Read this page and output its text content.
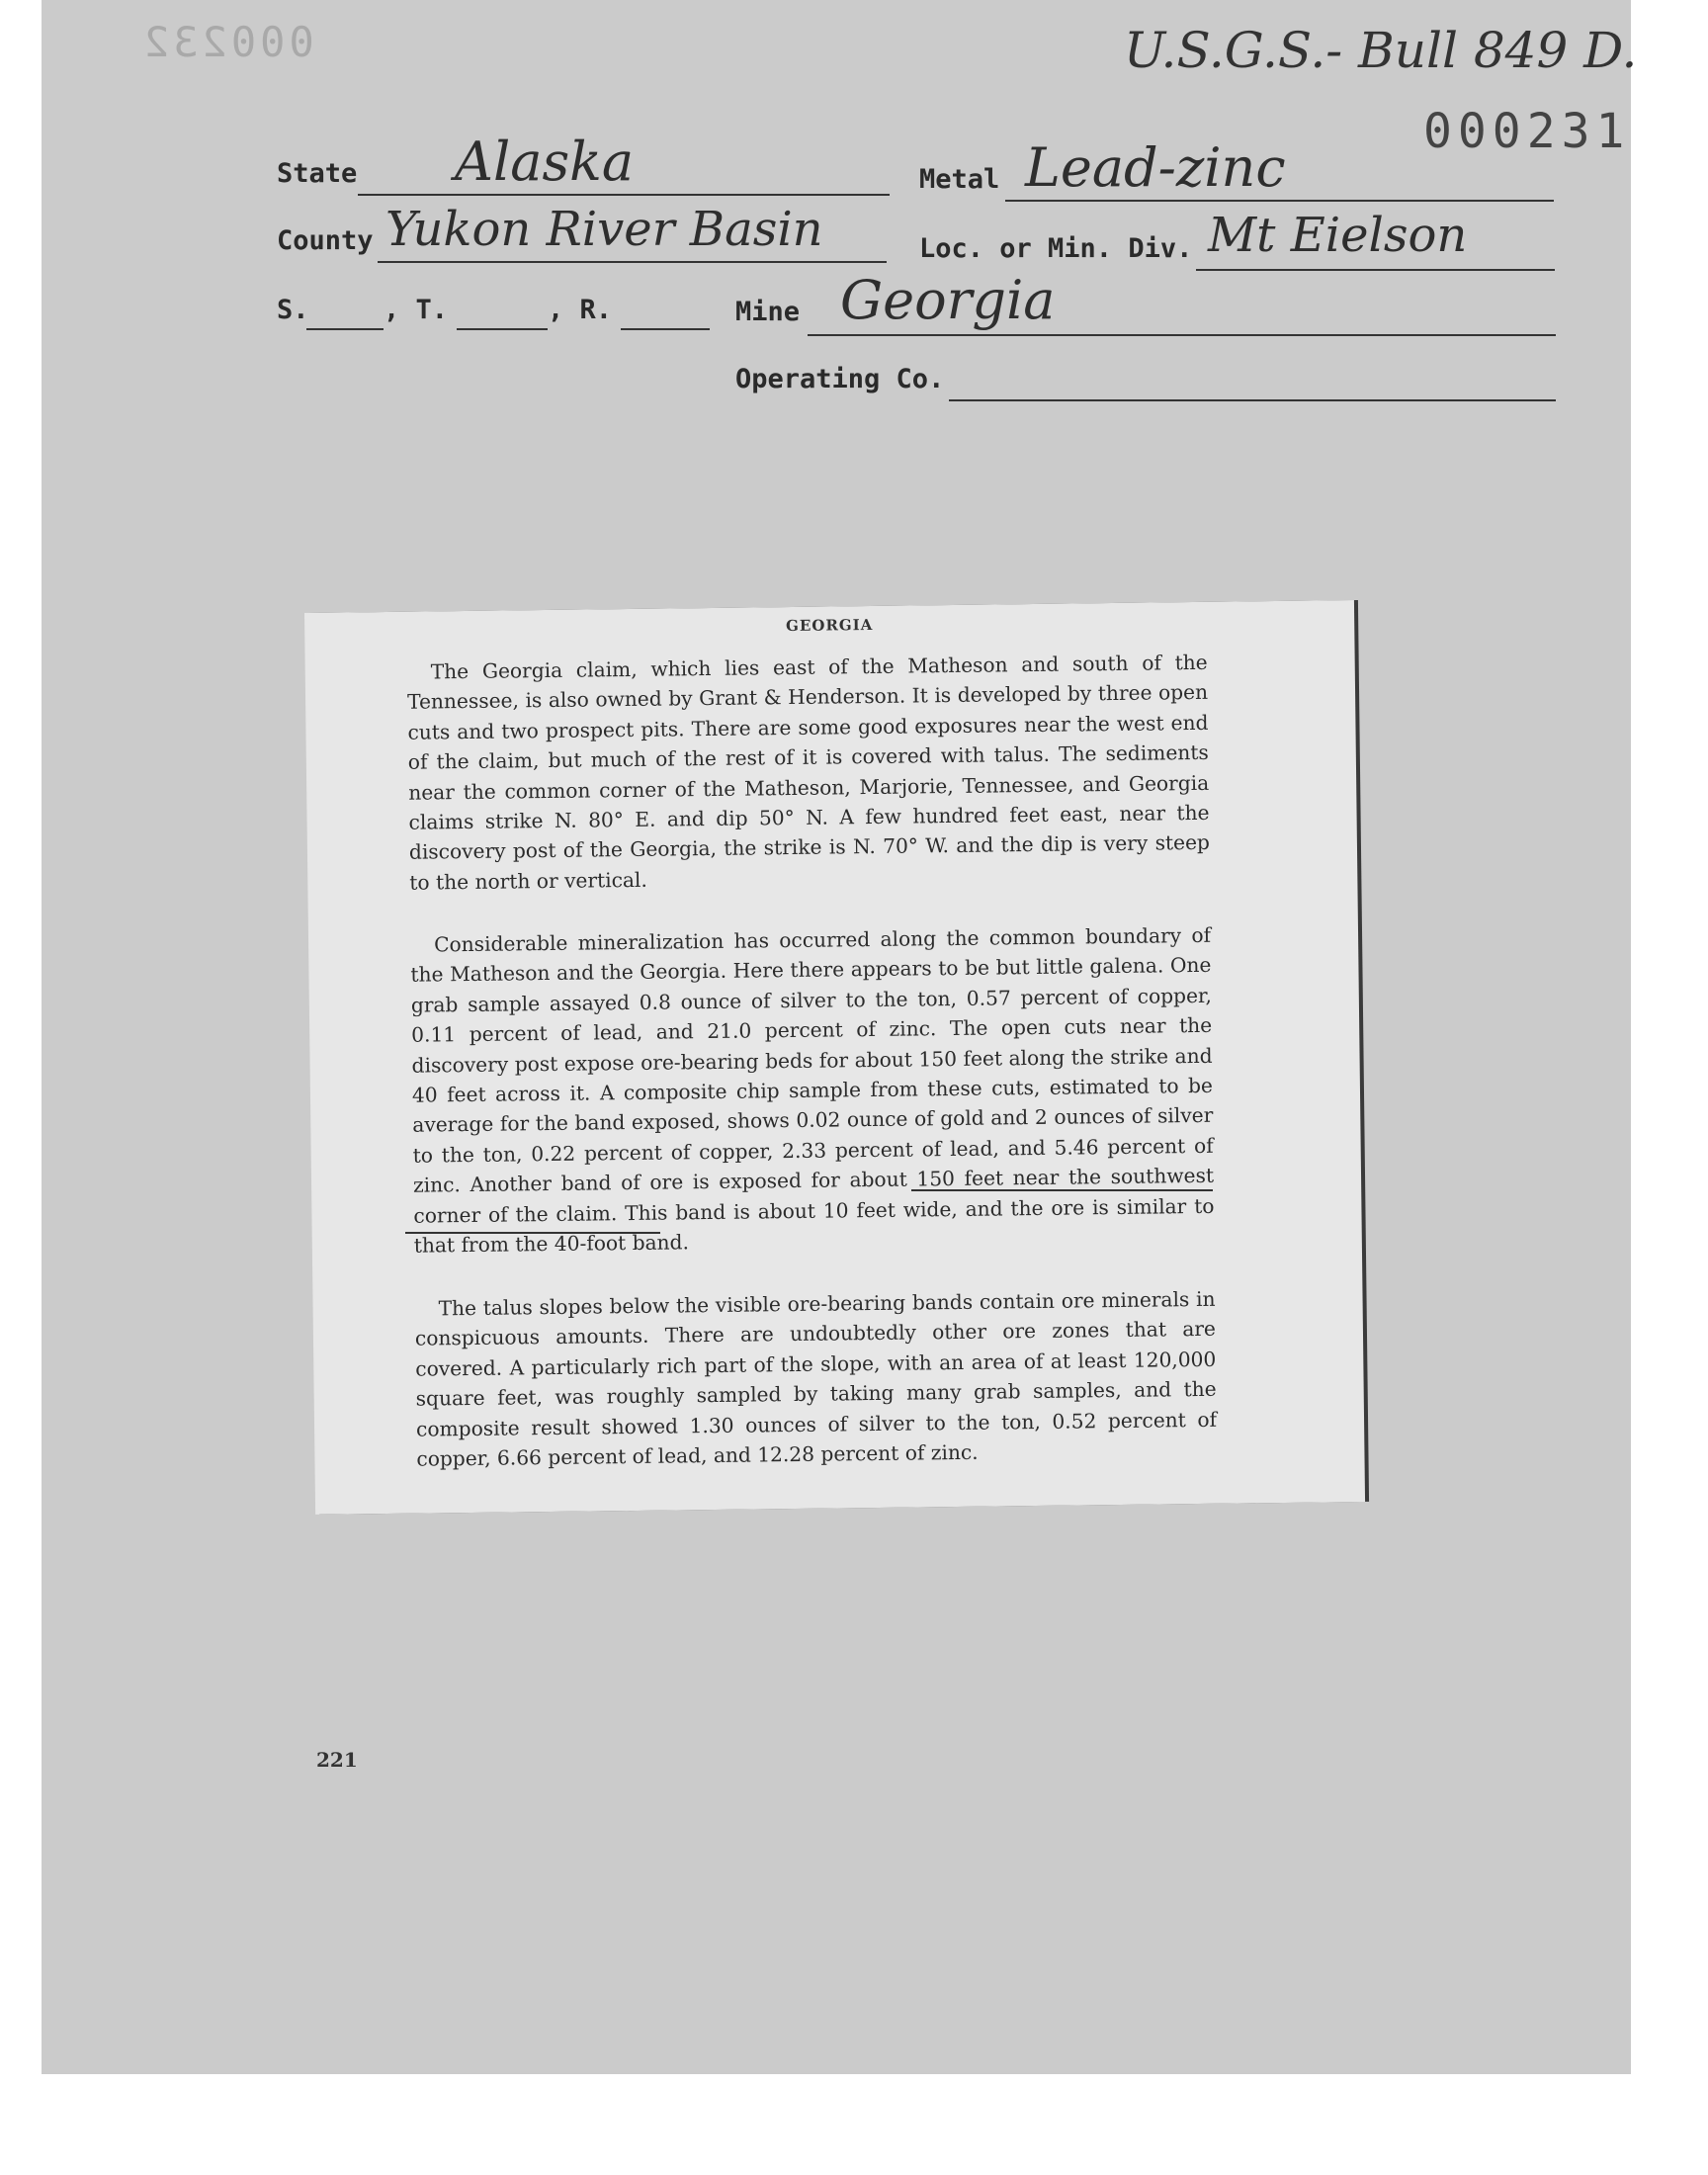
000232	U.S.G.S.- Bull 849 D.
000231
State Alaska	Metal Lead-zinc
County Yukon River Basin	Loc. or Min. Div. Mt Eielson
S.	, T.	, R.	Mine Georgia
Operating Co.
221
GEORGIA
The Georgia claim, which lies east of the Matheson and south of the Tennessee, is also owned by Grant & Henderson. It is developed by three open cuts and two prospect pits. There are some good exposures near the west end of the claim, but much of the rest of it is covered with talus. The sediments near the common corner of the Matheson, Marjorie, Tennessee, and Georgia claims strike N. 80° E. and dip 50° N. A few hundred feet east, near the discovery post of the Georgia, the strike is N. 70° W. and the dip is very steep to the north or vertical.
Considerable mineralization has occurred along the common boundary of the Matheson and the Georgia. Here there appears to be but little galena. One grab sample assayed 0.8 ounce of silver to the ton, 0.57 percent of copper, 0.11 percent of lead, and 21.0 percent of zinc. The open cuts near the discovery post expose ore-bearing beds for about 150 feet along the strike and 40 feet across it. A composite chip sample from these cuts, estimated to be average for the band exposed, shows 0.02 ounce of gold and 2 ounces of silver to the ton, 0.22 percent of copper, 2.33 percent of lead, and 5.46 percent of zinc. Another band of ore is exposed for about 150 feet near the southwest corner of the claim. This band is about 10 feet wide, and the ore is similar to that from the 40-foot band.
The talus slopes below the visible ore-bearing bands contain ore minerals in conspicuous amounts. There are undoubtedly other ore zones that are covered. A particularly rich part of the slope, with an area of at least 120,000 square feet, was roughly sampled by taking many grab samples, and the composite result showed 1.30 ounces of silver to the ton, 0.52 percent of copper, 6.66 percent of lead, and 12.28 percent of zinc.
